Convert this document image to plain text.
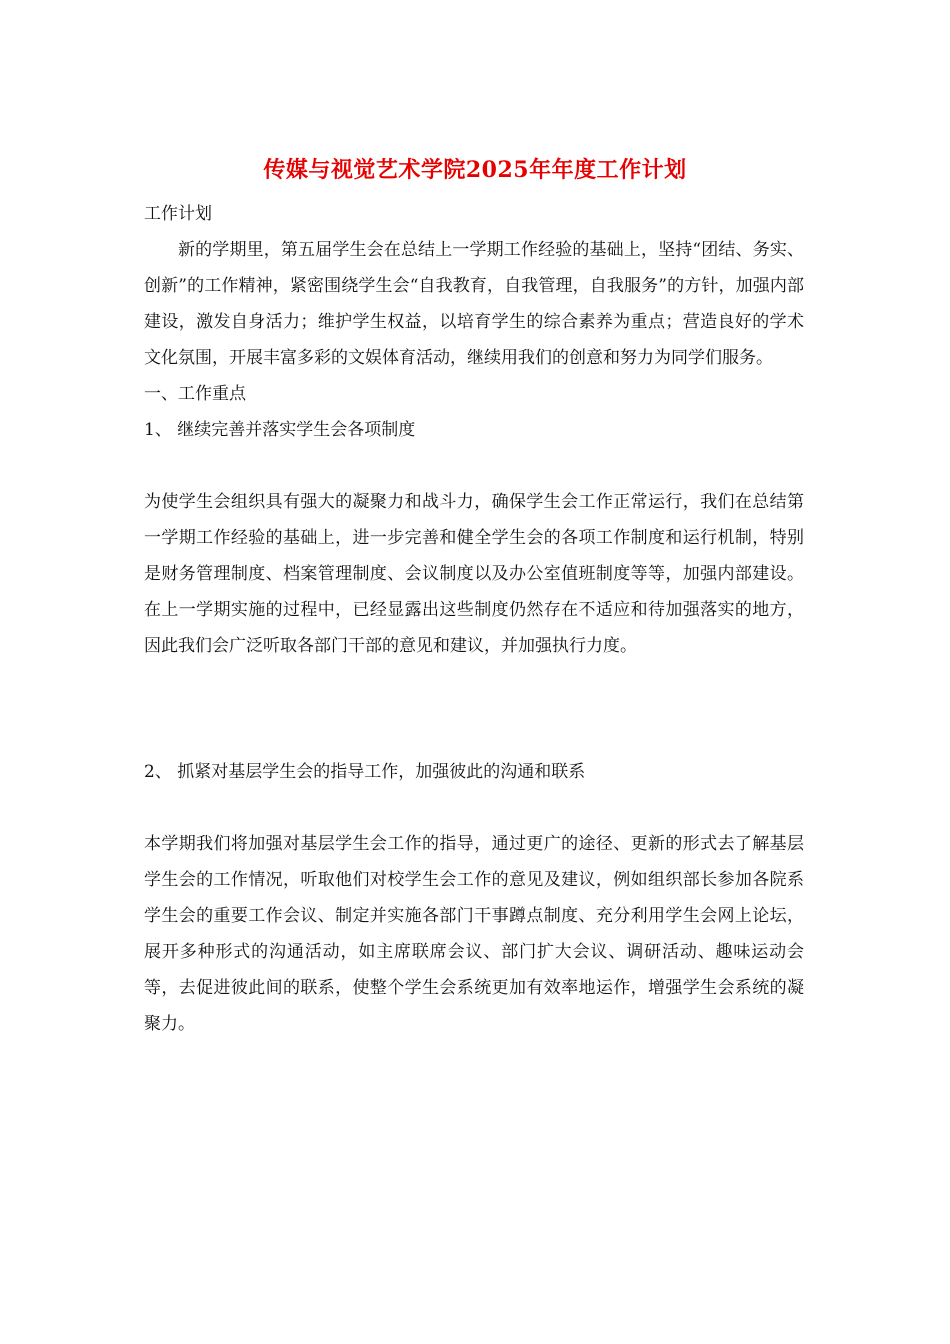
传媒与视觉艺术学院2025年年度工作计划

工作计划

新的学期里，第五届学生会在总结上一学期工作经验的基础上，坚持“团结、务实、创新”的工作精神，紧密围绕学生会“自我教育，自我管理，自我服务”的方针，加强内部建设，激发自身活力；维护学生权益，以培育学生的综合素养为重点；营造良好的学术文化氛围，开展丰富多彩的文娱体育活动，继续用我们的创意和努力为同学们服务。

一、工作重点

1、 继续完善并落实学生会各项制度

为使学生会组织具有强大的凝聚力和战斗力，确保学生会工作正常运行，我们在总结第一学期工作经验的基础上，进一步完善和健全学生会的各项工作制度和运行机制，特别是财务管理制度、档案管理制度、会议制度以及办公室值班制度等等，加强内部建设。在上一学期实施的过程中，已经显露出这些制度仍然存在不适应和待加强落实的地方，因此我们会广泛听取各部门干部的意见和建议，并加强执行力度。

2、 抓紧对基层学生会的指导工作，加强彼此的沟通和联系

本学期我们将加强对基层学生会工作的指导，通过更广的途径、更新的形式去了解基层学生会的工作情况，听取他们对校学生会工作的意见及建议，例如组织部长参加各院系学生会的重要工作会议、制定并实施各部门干事蹲点制度、充分利用学生会网上论坛，展开多种形式的沟通活动，如主席联席会议、部门扩大会议、调研活动、趣味运动会等，去促进彼此间的联系，使整个学生会系统更加有效率地运作，增强学生会系统的凝聚力。
